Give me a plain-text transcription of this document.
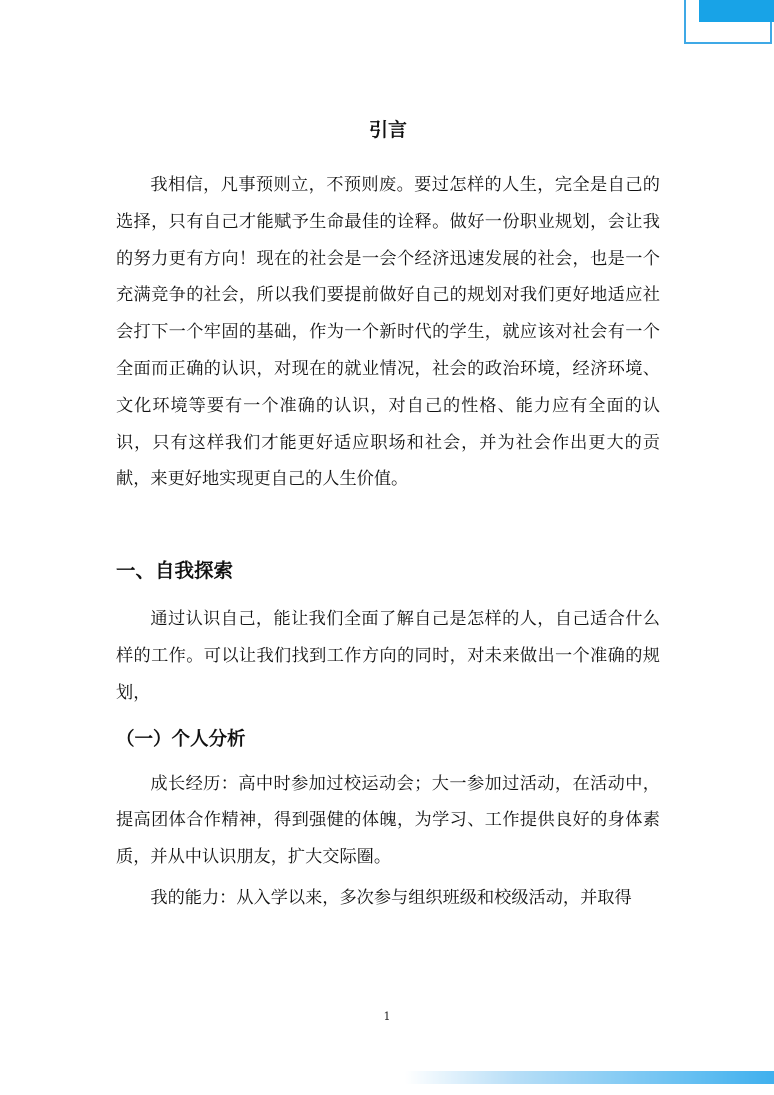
引言

我相信，凡事预则立，不预则废。要过怎样的人生，完全是自己的选择，只有自己才能赋予生命最佳的诠释。做好一份职业规划，会让我的努力更有方向！现在的社会是一会个经济迅速发展的社会，也是一个充满竞争的社会，所以我们要提前做好自己的规划对我们更好地适应社会打下一个牢固的基础，作为一个新时代的学生，就应该对社会有一个全面而正确的认识，对现在的就业情况，社会的政治环境，经济环境、文化环境等要有一个准确的认识，对自己的性格、能力应有全面的认识，只有这样我们才能更好适应职场和社会，并为社会作出更大的贡献，来更好地实现更自己的人生价值。

一、自我探索

通过认识自己，能让我们全面了解自己是怎样的人，自己适合什么样的工作。可以让我们找到工作方向的同时，对未来做出一个准确的规划，

（一）个人分析

成长经历：高中时参加过校运动会；大一参加过活动，在活动中，提高团体合作精神，得到强健的体魄，为学习、工作提供良好的身体素质，并从中认识朋友，扩大交际圈。

我的能力：从入学以来，多次参与组织班级和校级活动，并取得

1
